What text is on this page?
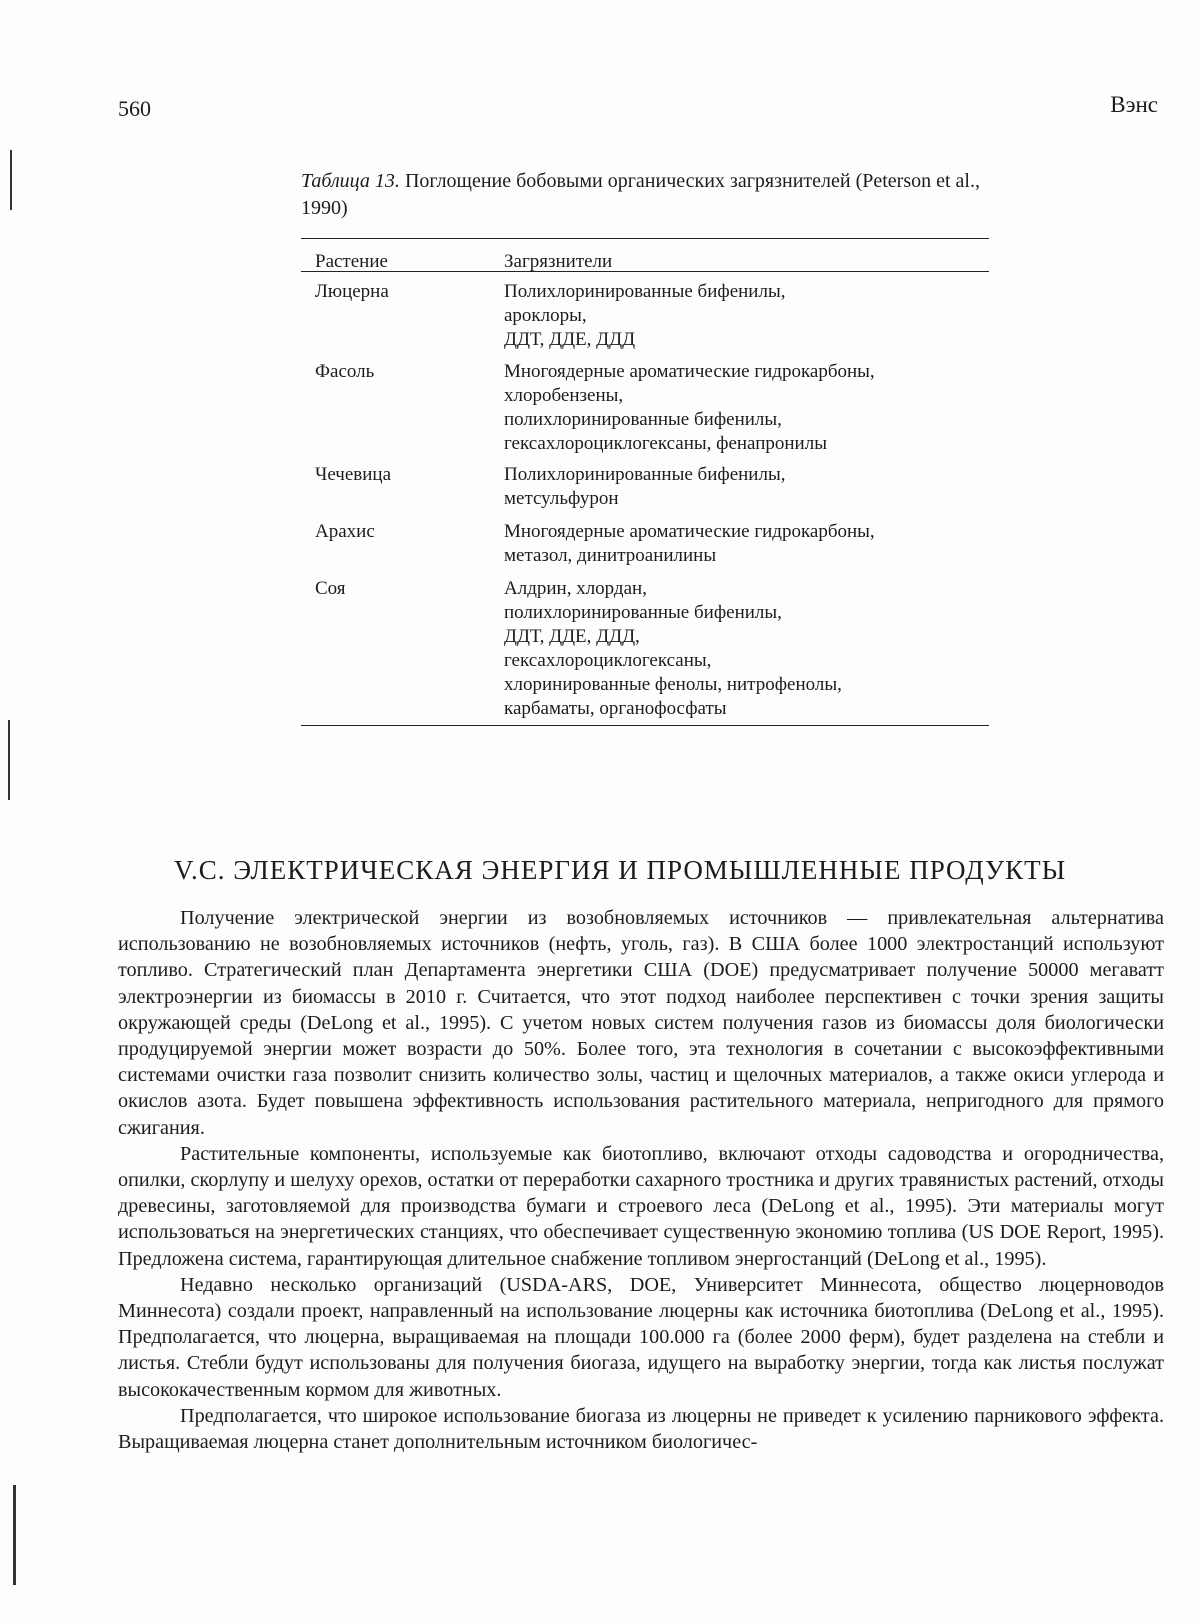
560	Вэнс
Таблица 13. Поглощение бобовыми органических загрязнителей (Peterson et al., 1990)
Растение	Загрязнители
Люцерна	Полихлоринированные бифенилы,
ароклоры,
ДДТ, ДДЕ, ДДД
Фасоль	Многоядерные ароматические гидрокарбоны,
хлоробензены,
полихлоринированные бифенилы,
гексахлороциклогексаны, фенапронилы
Чечевица	Полихлоринированные бифенилы,
метсульфурон
Арахис	Многоядерные ароматические гидрокарбоны,
метазол, динитроанилины
Соя	Алдрин, хлордан,
полихлоринированные бифенилы,
ДДТ, ДДЕ, ДДД,
гексахлороциклогексаны,
хлоринированные фенолы, нитрофенолы,
карбаматы, органофосфаты
V.C. ЭЛЕКТРИЧЕСКАЯ ЭНЕРГИЯ И ПРОМЫШЛЕННЫЕ ПРОДУКТЫ

Получение электрической энергии из возобновляемых источников — привлекательная альтернатива использованию не возобновляемых источников (нефть, уголь, газ). В США более 1000 электростанций используют топливо. Стратегический план Департамента энергетики США (DOE) предусматривает получение 50000 мегаватт электроэнергии из биомассы в 2010 г. Считается, что этот подход наиболее перспективен с точки зрения защиты окружающей среды (DeLong et al., 1995). С учетом новых систем получения газов из биомассы доля биологически продуцируемой энергии может возрасти до 50%. Более того, эта технология в сочетании с высокоэффективными системами очистки газа позволит снизить количество золы, частиц и щелочных материалов, а также окиси углерода и окислов азота. Будет повышена эффективность использования растительного материала, непригодного для прямого сжигания.

Растительные компоненты, используемые как биотопливо, включают отходы садоводства и огородничества, опилки, скорлупу и шелуху орехов, остатки от переработки сахарного тростника и других травянистых растений, отходы древесины, заготовляемой для производства бумаги и строевого леса (DeLong et al., 1995). Эти материалы могут использоваться на энергетических станциях, что обеспечивает существенную экономию топлива (US DOE Report, 1995). Предложена система, гарантирующая длительное снабжение топливом энергостанций (DeLong et al., 1995).

Недавно несколько организаций (USDA-ARS, DOE, Университет Миннесота, общество люцерноводов Миннесота) создали проект, направленный на использование люцерны как источника биотоплива (DeLong et al., 1995). Предполагается, что люцерна, выращиваемая на площади 100.000 га (более 2000 ферм), будет разделена на стебли и листья. Стебли будут использованы для получения биогаза, идущего на выработку энергии, тогда как листья послужат высококачественным кормом для животных.

Предполагается, что широкое использование биогаза из люцерны не приведет к усилению парникового эффекта. Выращиваемая люцерна станет дополнительным источником биологичес-
